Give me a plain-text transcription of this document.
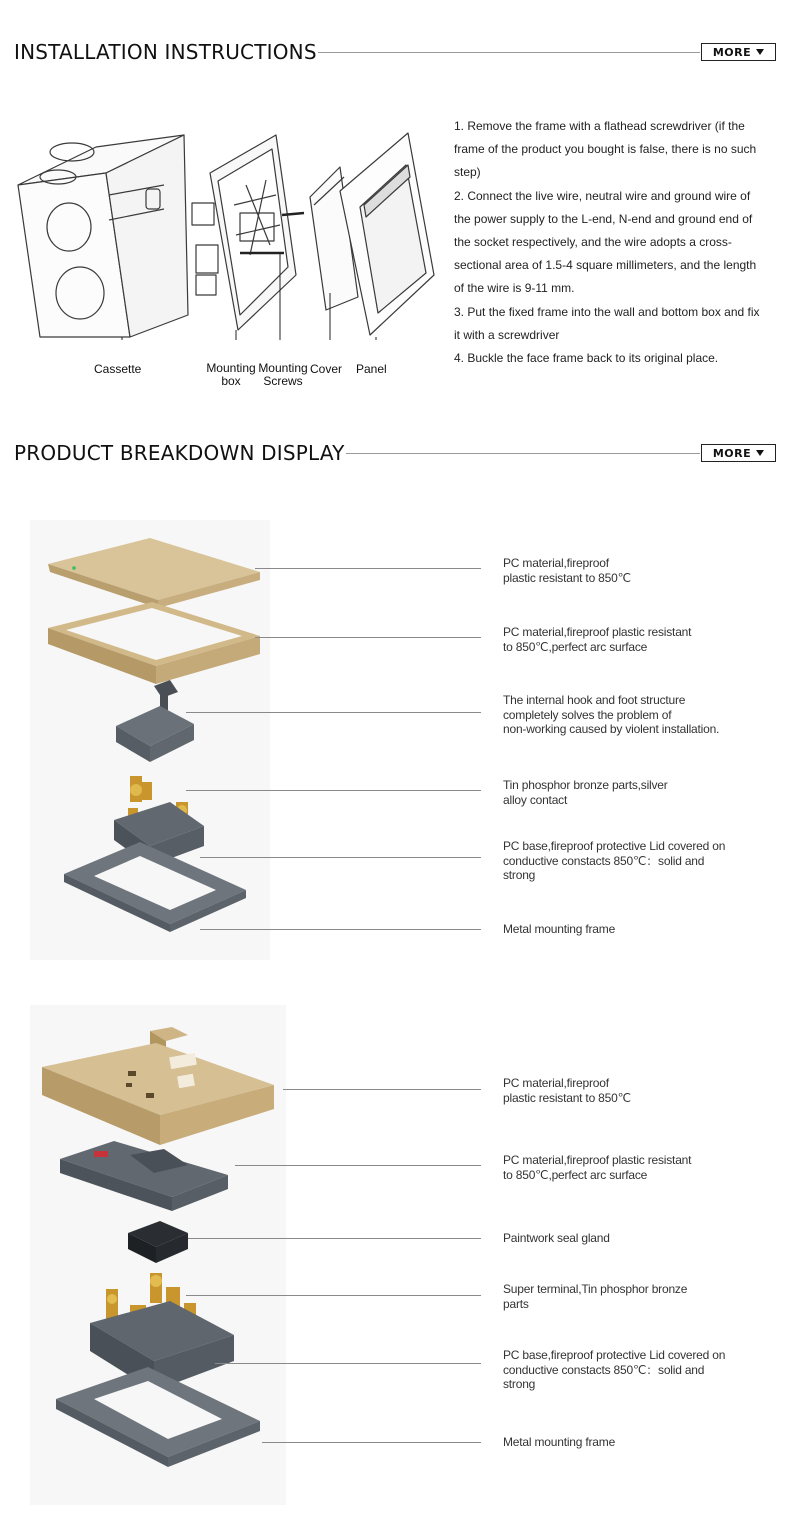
INSTALLATION INSTRUCTIONS	MORE
Cassette	Mounting
box
Mounting
Screws
Cover Panel

1. Remove the frame with a flathead screwdriver (if the frame of the product you bought is false, there is no such step)

2. Connect the live wire, neutral wire and ground wire of the power supply to the L-end, N-end and ground end of the socket respectively, and the wire adopts a cross-sectional area of 1.5-4 square millimeters, and the length of the wire is 9-11 mm.

3. Put the fixed frame into the wall and bottom box and fix it with a screwdriver

4. Buckle the face frame back to its original place.

PRODUCT BREAKDOWN DISPLAY	MORE
PC material,fireproof
plastic resistant to 850℃
PC material,fireproof plastic resistant
to 850℃,perfect arc surface
The internal hook and foot structure
completely solves the problem of
non-working caused by violent installation.
Tin phosphor bronze parts,silver
alloy contact
PC base,fireproof protective Lid covered on
conductive constacts 850℃：solid and
strong
Metal mounting frame
PC material,fireproof
plastic resistant to 850℃
PC material,fireproof plastic resistant
to 850℃,perfect arc surface
Paintwork seal gland
Super terminal,Tin phosphor bronze
parts
PC base,fireproof protective Lid covered on
conductive constacts 850℃：solid and
strong
Metal mounting frame
